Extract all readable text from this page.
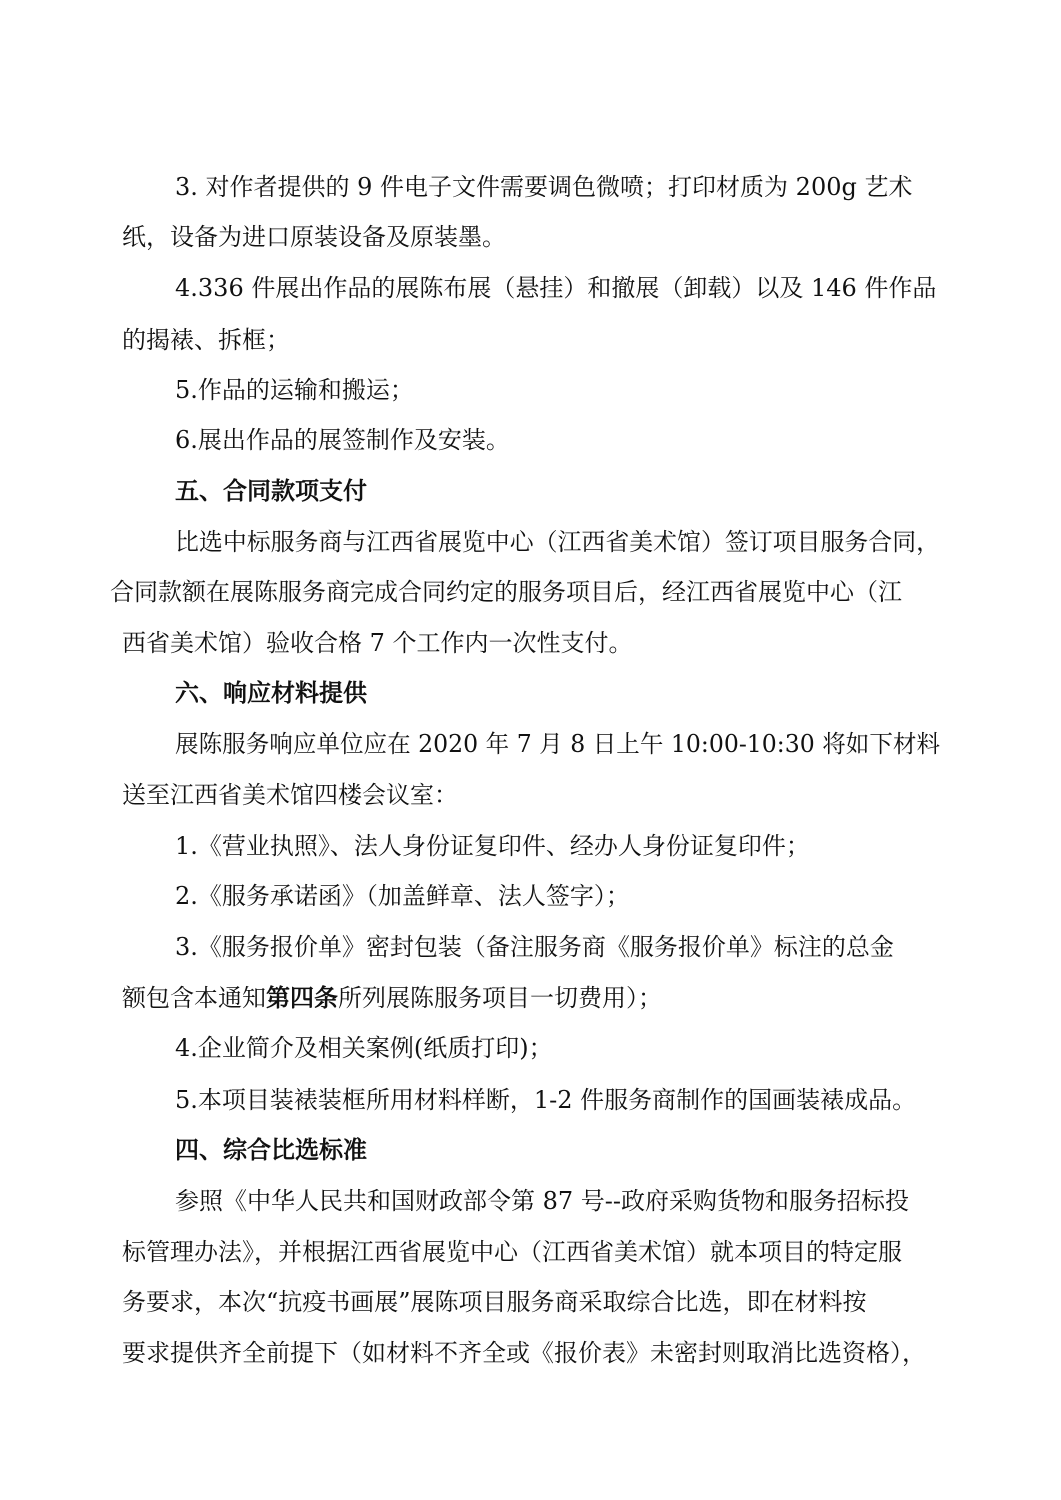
3. 对作者提供的 9 件电子文件需要调色微喷；打印材质为 200g 艺术
纸，设备为进口原装设备及原装墨。
4.336 件展出作品的展陈布展（悬挂）和撤展（卸载）以及 146 件作品
的揭裱、拆框；
5.作品的运输和搬运；
6.展出作品的展签制作及安装。
五、合同款项支付
比选中标服务商与江西省展览中心（江西省美术馆）签订项目服务合同，
合同款额在展陈服务商完成合同约定的服务项目后，经江西省展览中心（江
西省美术馆）验收合格 7 个工作内一次性支付。
六、响应材料提供
展陈服务响应单位应在 2020 年 7 月 8 日上午 10:00-10:30 将如下材料
送至江西省美术馆四楼会议室：
1.《营业执照》、法人身份证复印件、经办人身份证复印件；
2.《服务承诺函》（加盖鲜章、法人签字）；
3.《服务报价单》密封包装（备注服务商《服务报价单》标注的总金
额包含本通知第四条所列展陈服务项目一切费用）；
4.企业简介及相关案例(纸质打印)；
5.本项目装裱装框所用材料样断，1-2 件服务商制作的国画装裱成品。
四、综合比选标准
参照《中华人民共和国财政部令第 87 号--政府采购货物和服务招标投
标管理办法》，并根据江西省展览中心（江西省美术馆）就本项目的特定服
务要求，本次“抗疫书画展”展陈项目服务商采取综合比选，即在材料按
要求提供齐全前提下（如材料不齐全或《报价表》未密封则取消比选资格），
